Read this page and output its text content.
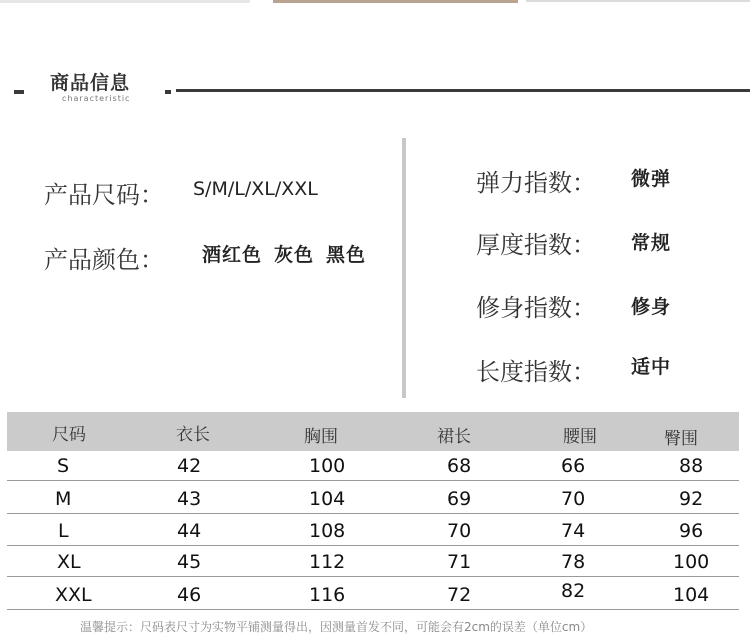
商品信息
characteristic
产品尺码： S/M/L/XL/XXL
产品颜色： 酒红色 灰色 黑色
弹力指数： 微弹
厚度指数： 常规
修身指数： 修身
长度指数： 适中
尺码	衣长	胸围	裙长	腰围	臀围
S	42	100	68	66	88
M	43	104	69	70	92
L	44	108	70	74	96
XL	45	112	71	78	100
XXL	46	116	72	82	104
温馨提示：尺码表尺寸为实物平铺测量得出，因测量首发不同，可能会有2cm的误差（单位cm）
